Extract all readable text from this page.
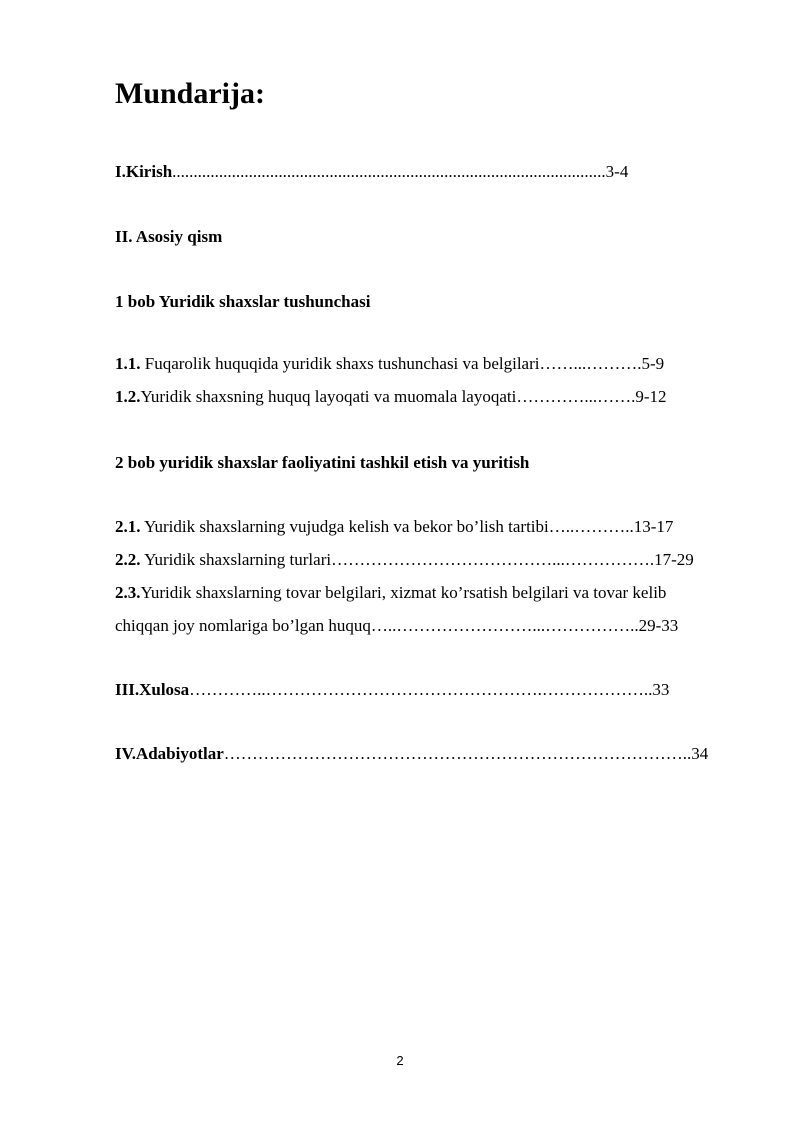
Mundarija:
I.Kirish......................................................................................................3-4
II. Asosiy qism
1 bob Yuridik shaxslar tushunchasi
1.1. Fuqarolik huquqida yuridik shaxs tushunchasi va belgilari……...……….5-9
1.2.Yuridik shaxsning huquq layoqati va muomala layoqati…………...…….9-12
2 bob yuridik shaxslar faoliyatini tashkil etish va yuritish
2.1. Yuridik shaxslarning vujudga kelish va bekor bo’lish tartibi…..………..13-17
2.2. Yuridik shaxslarning turlari…………………………………...…………….17-29
2.3.Yuridik shaxslarning tovar belgilari, xizmat ko’rsatish belgilari va tovar kelib
chiqqan joy nomlariga bo’lgan huquq…..……………………...……………..29-33
III.Xulosa…………..………………………………………….………………..33
IV.Adabiyotlar………………………………………………………………………..34
2
